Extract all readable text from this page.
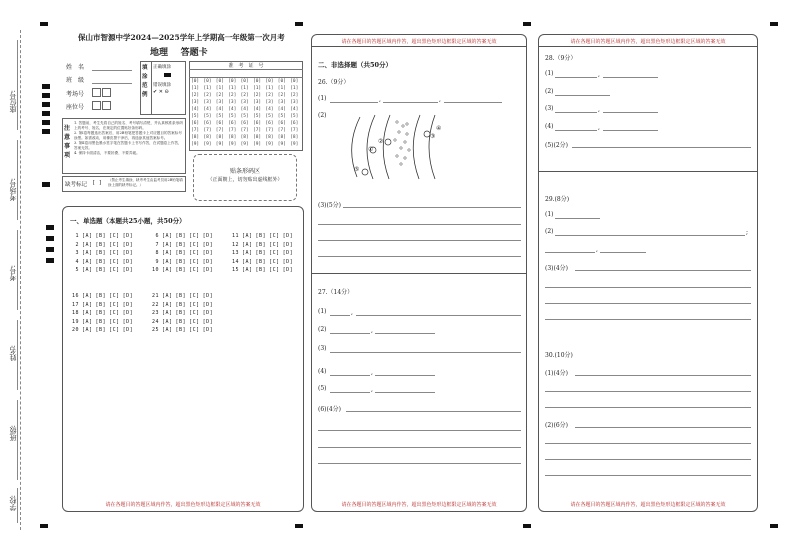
座位号:
考场号:
考号:
姓名:
班级:
学校:
保山市智源中学2024—2025学年上学期高一年级第一次月考
地理 答题卡
姓　名
班　级
考场号
座位号
填涂范例
正确填涂
错误填涂
✔ ✕ ⊖
准　考　证　号
[0] [0] [0] [0] [0] [0] [0] [0] [0]
[1] [1] [1] [1] [1] [1] [1] [1] [1]
[2] [2] [2] [2] [2] [2] [2] [2] [2]
[3] [3] [3] [3] [3] [3] [3] [3] [3]
[4] [4] [4] [4] [4] [4] [4] [4] [4]
[5] [5] [5] [5] [5] [5] [5] [5] [5]
[6] [6] [6] [6] [6] [6] [6] [6] [6]
[7] [7] [7] [7] [7] [7] [7] [7] [7]
[8] [8] [8] [8] [8] [8] [8] [8] [8]
[9] [9] [9] [9] [9] [9] [9] [9] [9]
注意事项
1. 答题前，考生先将自己的姓名、考号填写清楚，并认真核准条形码上的考号、姓名，在规定的位置贴好条形码。
2. 第Ⅰ卷每题选出答案后，用2B铅笔把答题卡上对应题目的答案标号涂黑。如需改动，用橡皮擦干净后，再选涂其他答案标号。
3. 第Ⅱ卷用黑色墨水签字笔在答题卡上书写作答，在试题卷上作答，答案无效。
4. 保持卡面清洁，不要折叠、不要弄破。
缺考标记 [ ] （禁止考生填涂，缺考考生由监考员用2B铅笔填涂上面的缺考标记。）
贴条形码区
（正面朝上，切勿贴出虚线框外）
一、单选题（本题共25小题，共50分）
1 [A] [B] [C] [D]	6 [A] [B] [C] [D]	11 [A] [B] [C] [D]
2 [A] [B] [C] [D]	7 [A] [B] [C] [D]	12 [A] [B] [C] [D]
3 [A] [B] [C] [D]	8 [A] [B] [C] [D]	13 [A] [B] [C] [D]
4 [A] [B] [C] [D]	9 [A] [B] [C] [D]	14 [A] [B] [C] [D]
5 [A] [B] [C] [D]	10 [A] [B] [C] [D]	15 [A] [B] [C] [D]
16 [A] [B] [C] [D]	21 [A] [B] [C] [D]
17 [A] [B] [C] [D]	22 [A] [B] [C] [D]
18 [A] [B] [C] [D]	23 [A] [B] [C] [D]
19 [A] [B] [C] [D]	24 [A] [B] [C] [D]
20 [A] [B] [C] [D]	25 [A] [B] [C] [D]
请在各题目的答题区域内作答，超出黑色矩形边框限定区域的答案无效
请在各题目的答题区域内作答，超出黑色矩形边框限定区域的答案无效
二、非选择题（共50分）
26.（9分）
(1)	,	,
(2)
①
②
③
④
⑤
(3)(5分)
27.（14分）
(1)	,
(2)	,
(3)
(4)	,
(5)	,
(6)(4分)
请在各题目的答题区域内作答，超出黑色矩形边框限定区域的答案无效
请在各题目的答题区域内作答，超出黑色矩形边框限定区域的答案无效
28.（9分）
(1)	,
(2)
(3)	,
(4)	,
(5)(2分)
29.(8分)
(1)
(2)	;
,
(3)(4分)
30.(10分)
(1)(4分)
(2)(6分)
请在各题目的答题区域内作答，超出黑色矩形边框限定区域的答案无效
